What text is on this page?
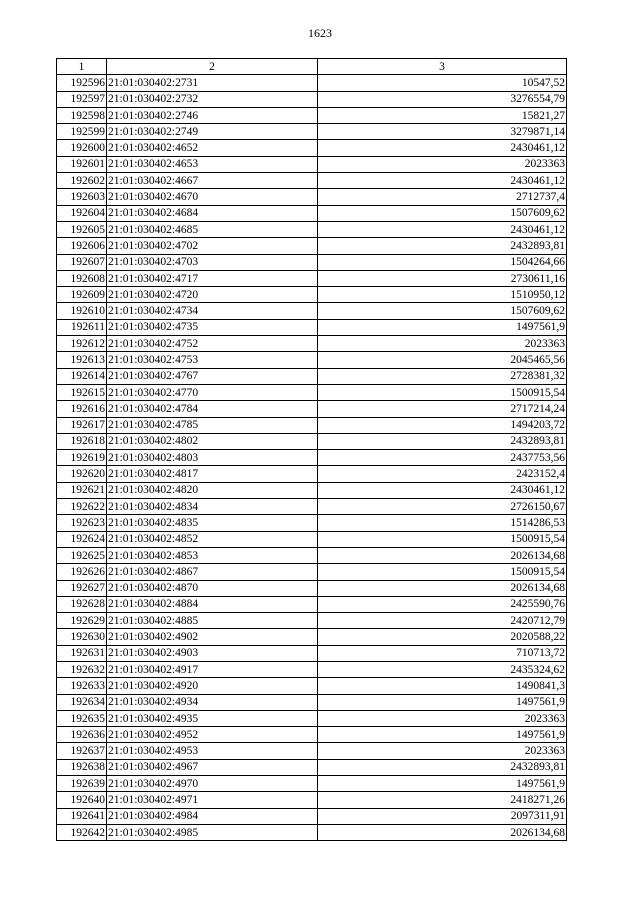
1623
1	2	3
192596	21:01:030402:2731	10547,52
192597	21:01:030402:2732	3276554,79
192598	21:01:030402:2746	15821,27
192599	21:01:030402:2749	3279871,14
192600	21:01:030402:4652	2430461,12
192601	21:01:030402:4653	2023363
192602	21:01:030402:4667	2430461,12
192603	21:01:030402:4670	2712737,4
192604	21:01:030402:4684	1507609,62
192605	21:01:030402:4685	2430461,12
192606	21:01:030402:4702	2432893,81
192607	21:01:030402:4703	1504264,66
192608	21:01:030402:4717	2730611,16
192609	21:01:030402:4720	1510950,12
192610	21:01:030402:4734	1507609,62
192611	21:01:030402:4735	1497561,9
192612	21:01:030402:4752	2023363
192613	21:01:030402:4753	2045465,56
192614	21:01:030402:4767	2728381,32
192615	21:01:030402:4770	1500915,54
192616	21:01:030402:4784	2717214,24
192617	21:01:030402:4785	1494203,72
192618	21:01:030402:4802	2432893,81
192619	21:01:030402:4803	2437753,56
192620	21:01:030402:4817	2423152,4
192621	21:01:030402:4820	2430461,12
192622	21:01:030402:4834	2726150,67
192623	21:01:030402:4835	1514286,53
192624	21:01:030402:4852	1500915,54
192625	21:01:030402:4853	2026134,68
192626	21:01:030402:4867	1500915,54
192627	21:01:030402:4870	2026134,68
192628	21:01:030402:4884	2425590,76
192629	21:01:030402:4885	2420712,79
192630	21:01:030402:4902	2020588,22
192631	21:01:030402:4903	710713,72
192632	21:01:030402:4917	2435324,62
192633	21:01:030402:4920	1490841,3
192634	21:01:030402:4934	1497561,9
192635	21:01:030402:4935	2023363
192636	21:01:030402:4952	1497561,9
192637	21:01:030402:4953	2023363
192638	21:01:030402:4967	2432893,81
192639	21:01:030402:4970	1497561,9
192640	21:01:030402:4971	2418271,26
192641	21:01:030402:4984	2097311,91
192642	21:01:030402:4985	2026134,68
